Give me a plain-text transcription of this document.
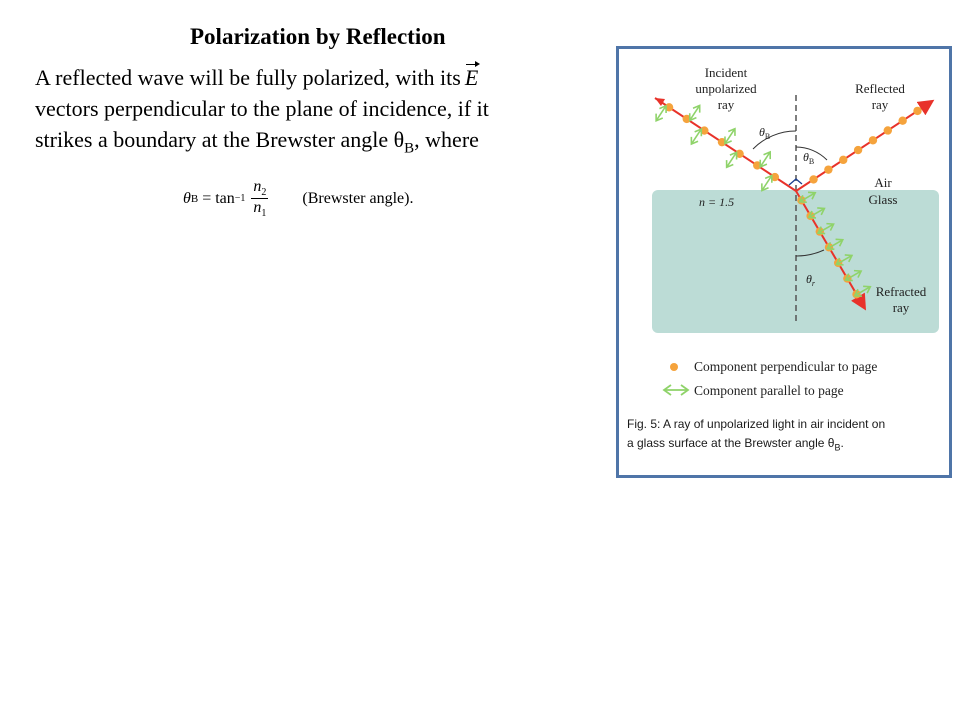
Polarization by Reflection
A reflected wave will be fully polarized, with its E
vectors perpendicular to the plane of incidence, if it
strikes a boundary at the Brewster angle $\theta_B$, where
θ $B = \tan -1 \frac{n_2}{n_1}$ (Brewster angle).
Incident
unpolarized
ray
Reflected
ray
Air
Glass
n = 1.5
Refracted
ray
$\theta_B$
$\theta_B$
$\theta_r$
Component perpendicular to page
Component parallel to page
Fig. 5: A ray of unpolarized light in air incident on
a glass surface at the Brewster angle $\theta_B$.
